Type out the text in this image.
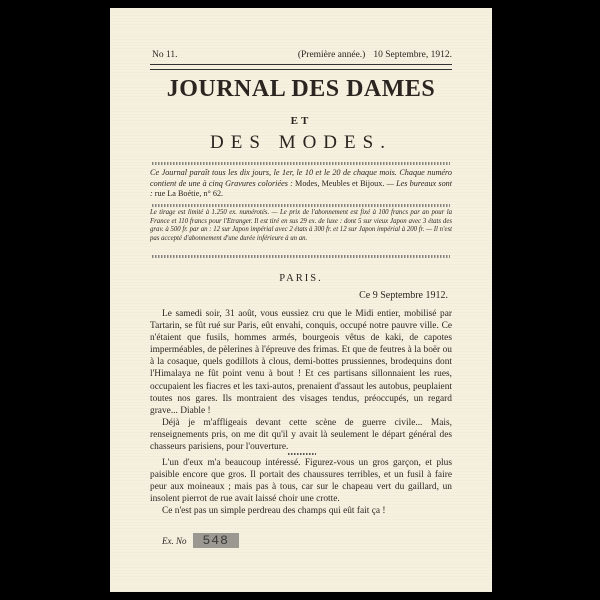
No 11.	(Première année.) 10 Septembre, 1912.
JOURNAL DES DAMES
ET
DES MODES.
Ce Journal paraît tous les dix jours, le 1er, le 10 et le 20 de chaque mois. Chaque numéro contient de une à cinq Gravures coloriées : Modes, Meubles et Bijoux. — Les bureaux sont : rue La Boétie, n° 62.
Le tirage est limité à 1.250 ex. numérotés. — Le prix de l'abonnement est fixé à 100 francs par an pour la France et 110 francs pour l'Etranger. Il est tiré en sus 29 ex. de luxe : dont 5 sur vieux Japon avec 3 états des grav. à 500 fr. par an : 12 sur Japon impérial avec 2 états à 300 fr. et 12 sur Japon impérial à 200 fr. — Il n'est pas accepté d'abonnement d'une durée inférieure à un an.
PARIS.
Ce 9 Septembre 1912.

Le samedi soir, 31 août, vous eussiez cru que le Midi entier, mobilisé par Tartarin, se fût rué sur Paris, eût envahi, conquis, occupé notre pauvre ville. Ce n'étaient que fusils, hommes armés, bourgeois vêtus de kaki, de capotes imperméables, de pèlerines à l'épreuve des frimas. Et que de feutres à la boër ou à la cosaque, quels godillots à clous, demi-bottes prussiennes, brodequins dont l'Himalaya ne fût point venu à bout ! Et ces partisans sillonnaient les rues, occupaient les fiacres et les taxi-autos, prenaient d'assaut les autobus, peuplaient toutes nos gares. Ils montraient des visages tendus, préoccupés, un regard grave... Diable !

Déjà je m'affligeais devant cette scène de guerre civile... Mais, renseignements pris, on me dit qu'il y avait là seulement le départ général des chasseurs parisiens, pour l'ouverture.

L'un d'eux m'a beaucoup intéressé. Figurez-vous un gros garçon, et plus paisible encore que gros. Il portait des chaussures terribles, et un fusil à faire peur aux moineaux ; mais pas à tous, car sur le chapeau vert du gaillard, un insolent pierrot de rue avait laissé choir une crotte.

Ce n'est pas un simple perdreau des champs qui eût fait ça !

Ex. No	548
